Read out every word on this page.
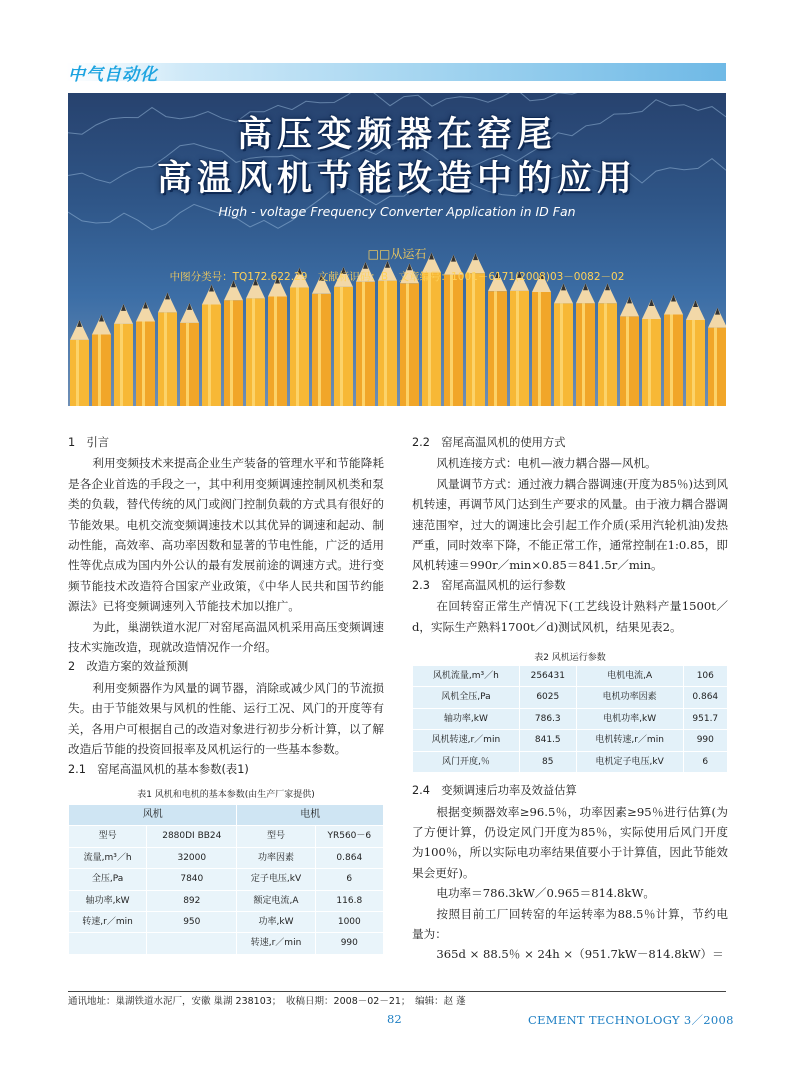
中气自动化
高压变频器在窑尾
高温风机节能改造中的应用
High - voltage Frequency Converter Application in ID Fan
□□从运石
中图分类号：TQ172.622.29　文献标识码：B　文章编号：1001－6171(2008)03－0082－02
1　引言
利用变频技术来提高企业生产装备的管理水平和节能降耗是各企业首选的手段之一，其中利用变频调速控制风机类和泵类的负载，替代传统的风门或阀门控制负载的方式具有很好的节能效果。电机交流变频调速技术以其优异的调速和起动、制动性能，高效率、高功率因数和显著的节电性能，广泛的适用性等优点成为国内外公认的最有发展前途的调速方式。进行变频节能技术改造符合国家产业政策，《中华人民共和国节约能源法》已将变频调速列入节能技术加以推广。
为此，巢湖铁道水泥厂对窑尾高温风机采用高压变频调速技术实施改造，现就改造情况作一介绍。
2　改造方案的效益预测
利用变频器作为风量的调节器，消除或减少风门的节流损失。由于节能效果与风机的性能、运行工况、风门的开度等有关，各用户可根据自己的改造对象进行初步分析计算，以了解改造后节能的投资回报率及风机运行的一些基本参数。
2.1　窑尾高温风机的基本参数(表1)
表1 风机和电机的基本参数(由生产厂家提供)
风机		电机	
型号	2880DI BB24	型号	YR560－6
流量,m³／h	32000	功率因素	0.864
全压,Pa	7840	定子电压,kV	6
轴功率,kW	892	额定电流,A	116.8
转速,r／min	950	功率,kW	1000
		转速,r／min	990
2.2　窑尾高温风机的使用方式
风机连接方式：电机—液力耦合器—风机。
风量调节方式：通过液力耦合器调速(开度为85％)达到风机转速，再调节风门达到生产要求的风量。由于液力耦合器调速范围窄，过大的调速比会引起工作介质(采用汽轮机油)发热严重，同时效率下降，不能正常工作，通常控制在1:0.85，即风机转速＝990r／min×0.85＝841.5r／min。
2.3　窑尾高温风机的运行参数
在回转窑正常生产情况下(工艺线设计熟料产量1500t／d，实际生产熟料1700t／d)测试风机，结果见表2。
表2 风机运行参数
风机流量,m³／h	256431	电机电流,A	106
风机全压,Pa	6025	电机功率因素	0.864
轴功率,kW	786.3	电机功率,kW	951.7
风机转速,r／min	841.5	电机转速,r／min	990
风门开度,％	85	电机定子电压,kV	6
2.4　变频调速后功率及效益估算
根据变频器效率≥96.5％，功率因素≥95％进行估算(为了方便计算，仍设定风门开度为85％，实际使用后风门开度为100％，所以实际电功率结果值要小于计算值，因此节能效果会更好)。
电功率＝786.3kW／0.965＝814.8kW。
按照目前工厂回转窑的年运转率为88.5％计算，节约电量为：
365d × 88.5％ × 24h ×（951.7kW－814.8kW）＝
通讯地址：巢湖铁道水泥厂，安徽 巢湖 238103；　收稿日期：2008－02－21；　编辑：赵 蓬
82	CEMENT TECHNOLOGY 3／2008
